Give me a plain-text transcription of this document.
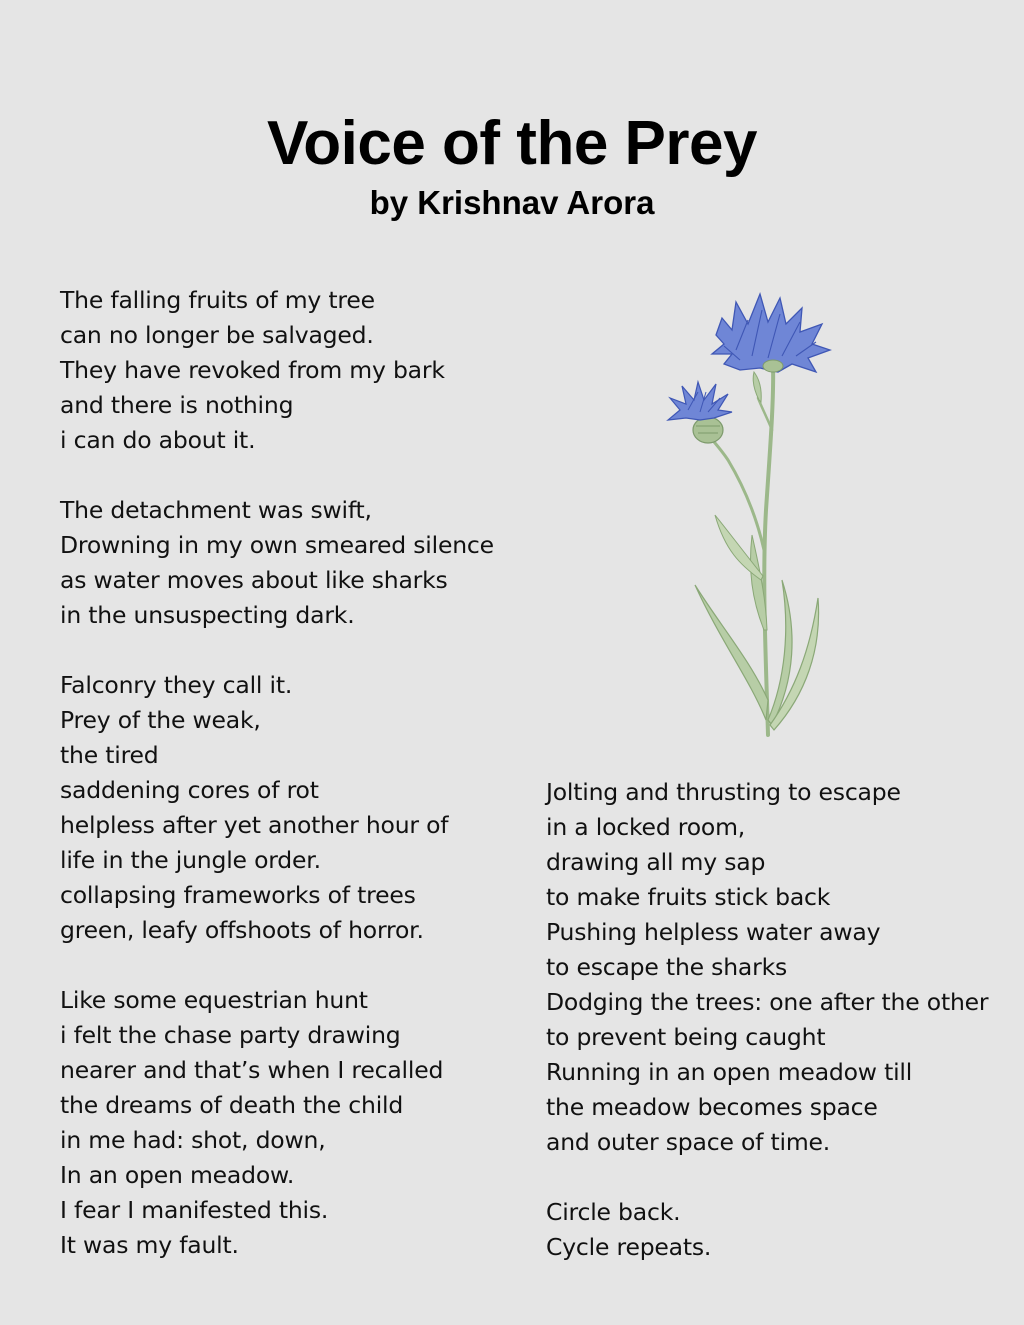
Voice of the Prey
by Krishnav Arora
The falling fruits of my tree
can no longer be salvaged.
They have revoked from my bark
and there is nothing
i can do about it.
The detachment was swift,
Drowning in my own smeared silence
as water moves about like sharks
in the unsuspecting dark.
Falconry they call it.
Prey of the weak,
the tired
saddening cores of rot
helpless after yet another hour of
life in the jungle order.
collapsing frameworks of trees
green, leafy offshoots of horror.
Like some equestrian hunt
i felt the chase party drawing
nearer and that’s when I recalled
the dreams of death the child
in me had: shot, down,
In an open meadow.
I fear I manifested this.
It was my fault.
Jolting and thrusting to escape
in a locked room,
drawing all my sap
to make fruits stick back
Pushing helpless water away
to escape the sharks
Dodging the trees: one after the other
to prevent being caught
Running in an open meadow till
the meadow becomes space
and outer space of time.
Circle back.
Cycle repeats.
